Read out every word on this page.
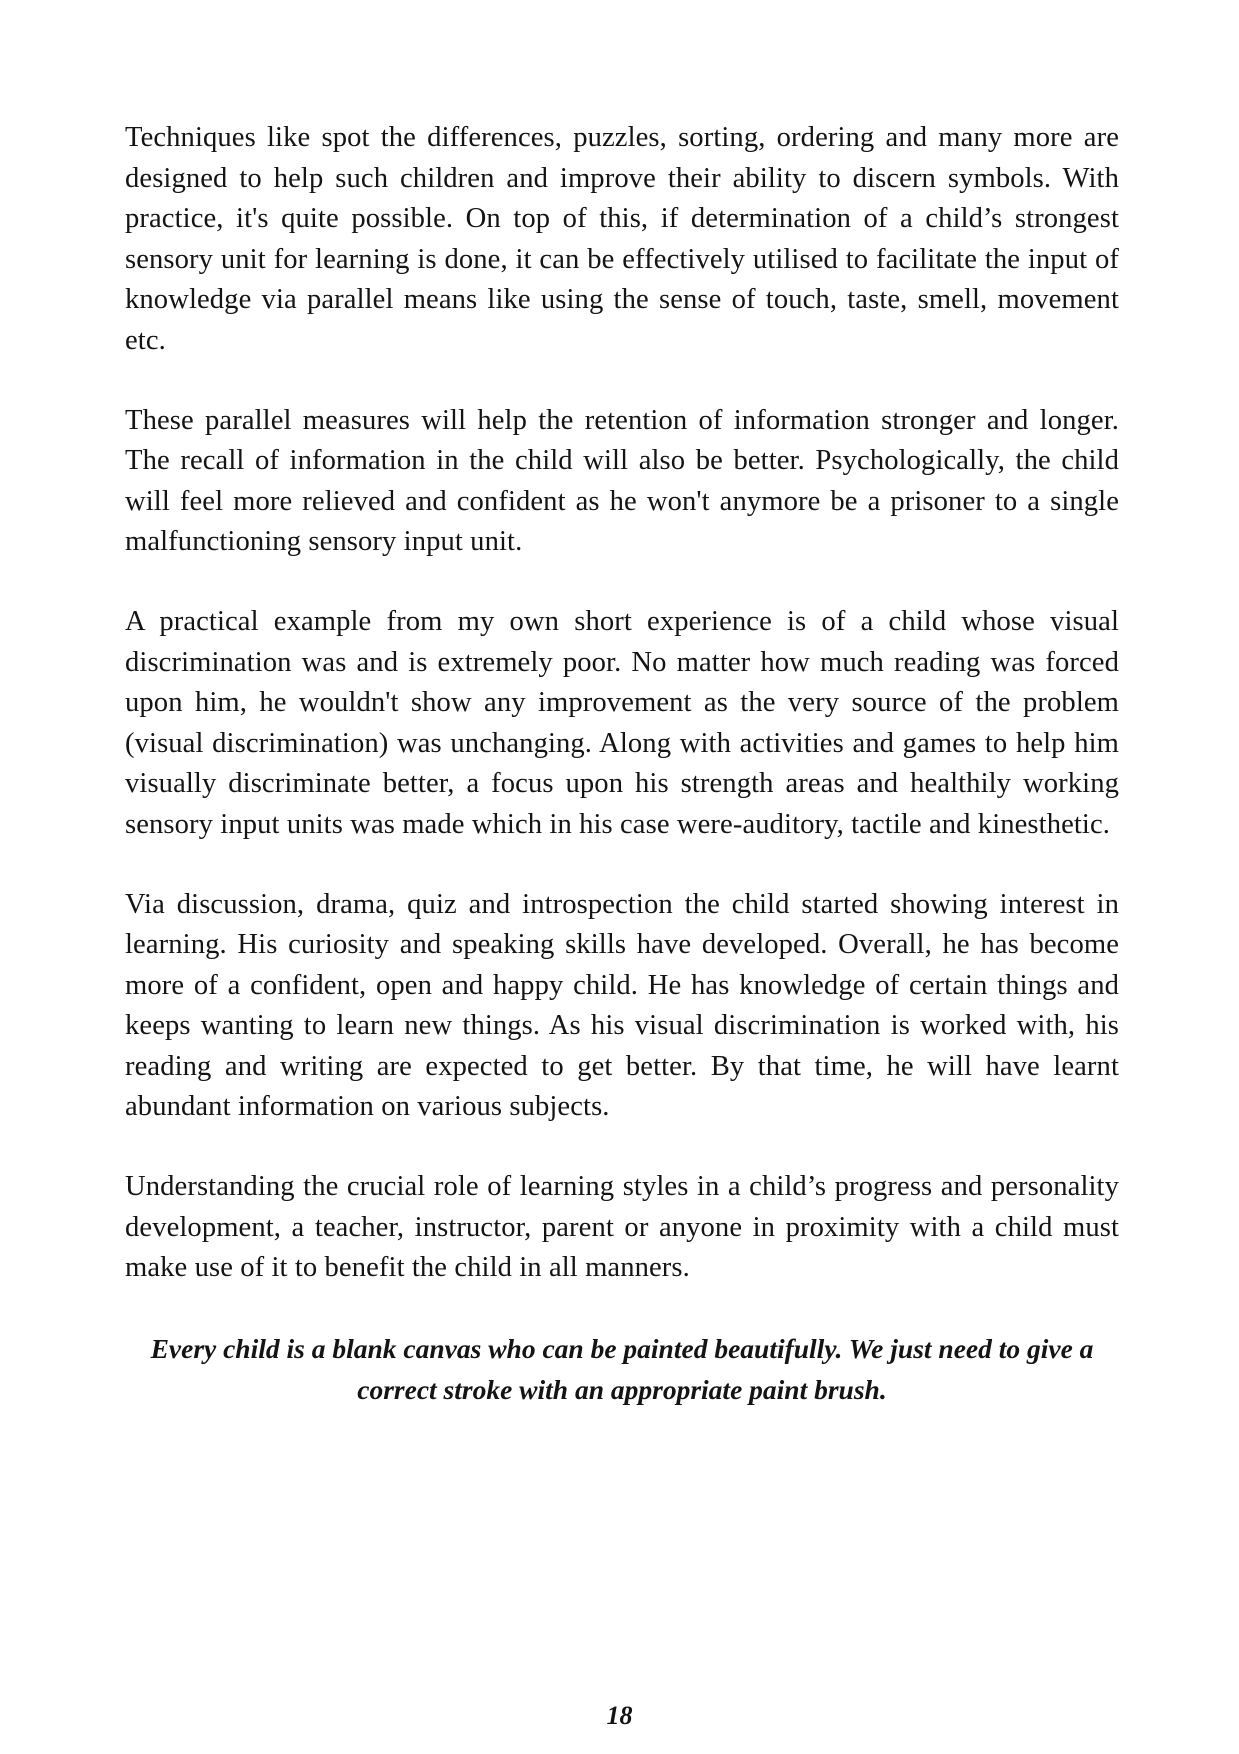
Techniques like spot the differences, puzzles, sorting, ordering and many more are designed to help such children and improve their ability to discern symbols. With practice, it's quite possible. On top of this, if determination of a child’s strongest sensory unit for learning is done, it can be effectively utilised to facilitate the input of knowledge via parallel means like using the sense of touch, taste, smell, movement etc.

These parallel measures will help the retention of information stronger and longer. The recall of information in the child will also be better. Psychologically, the child will feel more relieved and confident as he won't anymore be a prisoner to a single malfunctioning sensory input unit.

A practical example from my own short experience is of a child whose visual discrimination was and is extremely poor. No matter how much reading was forced upon him, he wouldn't show any improvement as the very source of the problem (visual discrimination) was unchanging. Along with activities and games to help him visually discriminate better, a focus upon his strength areas and healthily working sensory input units was made which in his case were-auditory, tactile and kinesthetic.

Via discussion, drama, quiz and introspection the child started showing interest in learning. His curiosity and speaking skills have developed. Overall, he has become more of a confident, open and happy child. He has knowledge of certain things and keeps wanting to learn new things. As his visual discrimination is worked with, his reading and writing are expected to get better. By that time, he will have learnt abundant information on various subjects.

Understanding the crucial role of learning styles in a child’s progress and personality development, a teacher, instructor, parent or anyone in proximity with a child must make use of it to benefit the child in all manners.

Every child is a blank canvas who can be painted beautifully. We just need to give a correct stroke with an appropriate paint brush.

18
